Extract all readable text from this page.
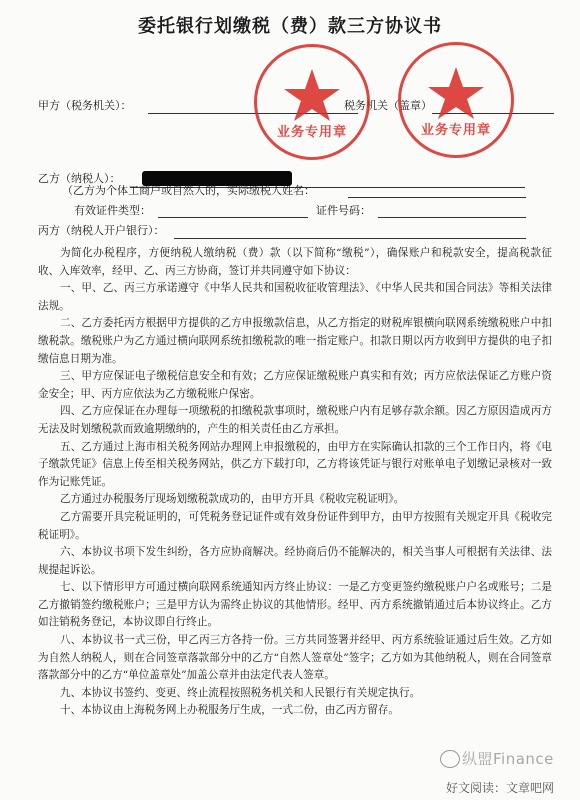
委托银行划缴税（费）款三方协议书
甲方（税务机关）：	税务机关（盖章）
乙方（纳税人）：
（乙方为个体工商户或自然人的，实际缴税人姓名：
有效证件类型：	证件号码：
丙方（纳税人开户银行）：

为简化办税程序，方便纳税人缴纳税（费）款（以下简称“缴税”），确保账户和税款安全，提高税款征收、入库效率，经甲、乙、丙三方协商，签订并共同遵守如下协议：

一、甲、乙、丙三方承诺遵守《中华人民共和国税收征收管理法》、《中华人民共和国合同法》等相关法律法规。

二、乙方委托丙方根据甲方提供的乙方申报缴款信息，从乙方指定的财税库银横向联网系统缴税账户中扣缴税款。缴税账户为乙方通过横向联网系统扣缴税款的唯一指定账户。扣款日期以丙方收到甲方提供的电子扣缴信息日期为准。

三、甲方应保证电子缴税信息安全和有效；乙方应保证缴税账户真实和有效；丙方应依法保证乙方账户资金安全；甲、丙方应依法为乙方缴税账户保密。

四、乙方应保证在办理每一项缴税的扣缴税款事项时，缴税账户内有足够存款余额。因乙方原因造成丙方无法及时划缴税款而致逾期缴纳的，产生的相关责任由乙方承担。

五、乙方通过上海市相关税务网站办理网上申报缴税的，由甲方在实际确认扣款的三个工作日内，将《电子缴款凭证》信息上传至相关税务网站，供乙方下载打印，乙方将该凭证与银行对账单电子划缴记录核对一致作为记账凭证。

乙方通过办税服务厅现场划缴税款成功的，由甲方开具《税收完税证明》。

乙方需要开具完税证明的，可凭税务登记证件或有效身份证件到甲方，由甲方按照有关规定开具《税收完税证明》。

六、本协议书项下发生纠纷，各方应协商解决。经协商后仍不能解决的，相关当事人可根据有关法律、法规提起诉讼。

七、以下情形甲方可通过横向联网系统通知丙方终止协议：一是乙方变更签约缴税账户户名或账号；二是乙方撤销签约缴税账户；三是甲方认为需终止协议的其他情形。经甲、丙方系统撤销通过后本协议终止。乙方如注销税务登记，本协议即自行终止。

八、本协议书一式三份，甲乙丙三方各持一份。三方共同签署并经甲、丙方系统验证通过后生效。乙方如为自然人纳税人，则在合同签章落款部分中的乙方“自然人签章处”签字；乙方如为其他纳税人，则在合同签章落款部分中的乙方“单位盖章处”加盖公章并由法定代表人签章。

九、本协议书签约、变更、终止流程按照税务机关和人民银行有关规定执行。

十、本协议由上海税务网上办税服务厅生成，一式二份，由乙丙方留存。

业务专用章	业务专用章
纵盟Finance
好文阅读：文章吧网
